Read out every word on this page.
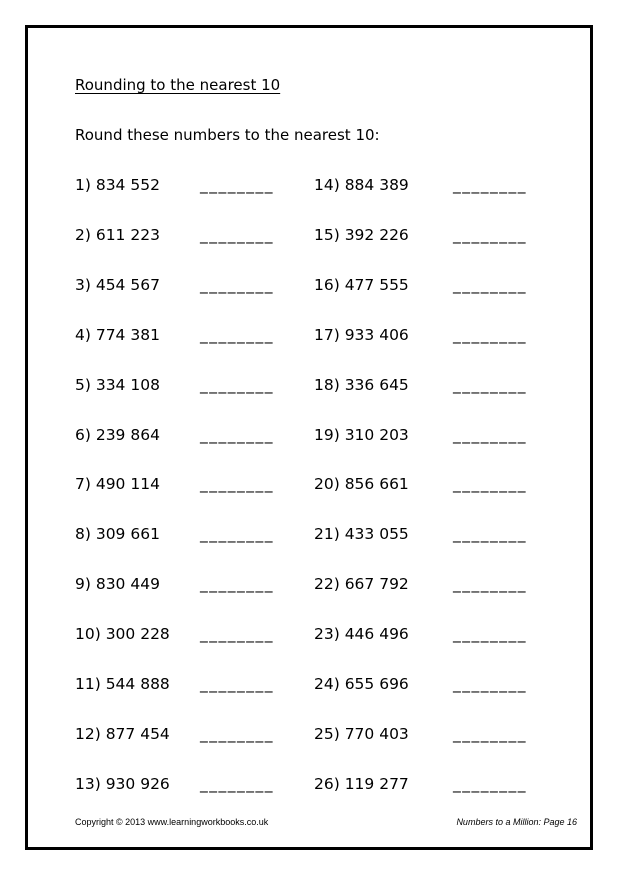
Rounding to the nearest 10
Round these numbers to the nearest 10:
1) 834 552	________
2) 611 223	________
3) 454 567	________
4) 774 381	________
5) 334 108	________
6) 239 864	________
7) 490 114	________
8) 309 661	________
9) 830 449	________
10) 300 228 ________
11) 544 888 ________
12) 877 454 ________
13) 930 926 ________
14) 884 389	________
15) 392 226	________
16) 477 555	________
17) 933 406	________
18) 336 645	________
19) 310 203	________
20) 856 661	________
21) 433 055	________
22) 667 792	________
23) 446 496	________
24) 655 696	________
25) 770 403	________
26) 119 277	________
Copyright © 2013 www.learningworkbooks.co.uk	Numbers to a Million: Page 16
